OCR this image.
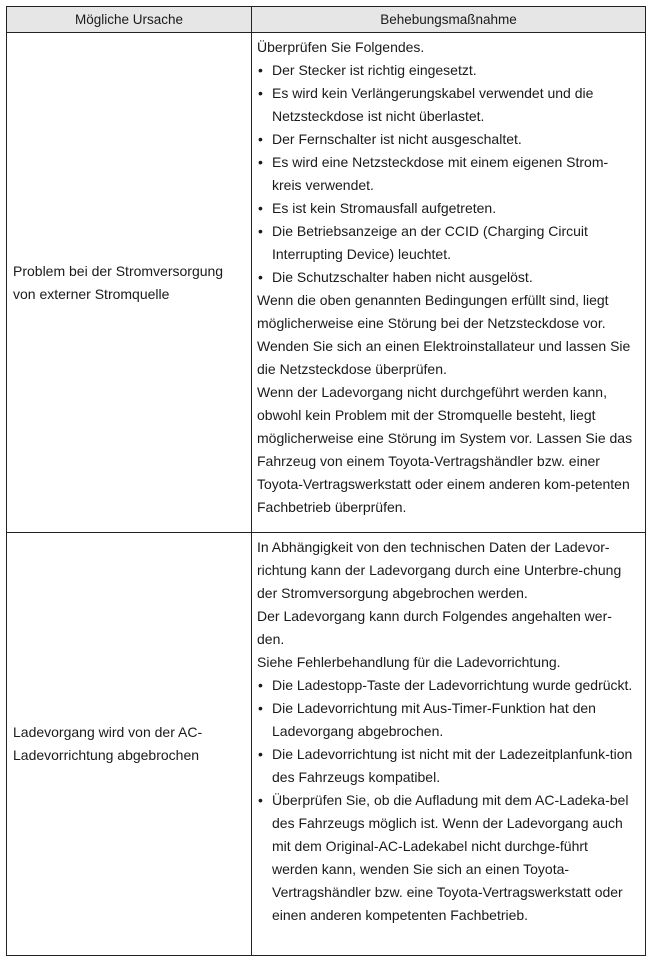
Mögliche Ursache	Behebungsmaßnahme
Problem bei der Stromversorgung von externer Stromquelle

Überprüfen Sie Folgendes.

• Der Stecker ist richtig eingesetzt.
• Es wird kein Verlängerungskabel verwendet und die Netzsteckdose ist nicht überlastet.
• Der Fernschalter ist nicht ausgeschaltet.
• Es wird eine Netzsteckdose mit einem eigenen Strom-kreis verwendet.
• Es ist kein Stromausfall aufgetreten.
• Die Betriebsanzeige an der CCID (Charging Circuit Interrupting Device) leuchtet.
• Die Schutzschalter haben nicht ausgelöst.

Wenn die oben genannten Bedingungen erfüllt sind, liegt möglicherweise eine Störung bei der Netzsteckdose vor. Wenden Sie sich an einen Elektroinstallateur und lassen Sie die Netzsteckdose überprüfen.

Wenn der Ladevorgang nicht durchgeführt werden kann, obwohl kein Problem mit der Stromquelle besteht, liegt möglicherweise eine Störung im System vor. Lassen Sie das Fahrzeug von einem Toyota-Vertragshändler bzw. einer Toyota-Vertragswerkstatt oder einem anderen kom-petenten Fachbetrieb überprüfen.

Ladevorgang wird von der AC-Ladevorrichtung abgebrochen

In Abhängigkeit von den technischen Daten der Ladevor-richtung kann der Ladevorgang durch eine Unterbre-chung der Stromversorgung abgebrochen werden.

Der Ladevorgang kann durch Folgendes angehalten wer-den.

Siehe Fehlerbehandlung für die Ladevorrichtung.

• Die Ladestopp-Taste der Ladevorrichtung wurde gedrückt.
• Die Ladevorrichtung mit Aus-Timer-Funktion hat den Ladevorgang abgebrochen.
• Die Ladevorrichtung ist nicht mit der Ladezeitplanfunk-tion des Fahrzeugs kompatibel.
• Überprüfen Sie, ob die Aufladung mit dem AC-Ladeka-bel des Fahrzeugs möglich ist. Wenn der Ladevorgang auch mit dem Original-AC-Ladekabel nicht durchge-führt werden kann, wenden Sie sich an einen Toyota-Vertragshändler bzw. eine Toyota-Vertragswerkstatt oder einen anderen kompetenten Fachbetrieb.
